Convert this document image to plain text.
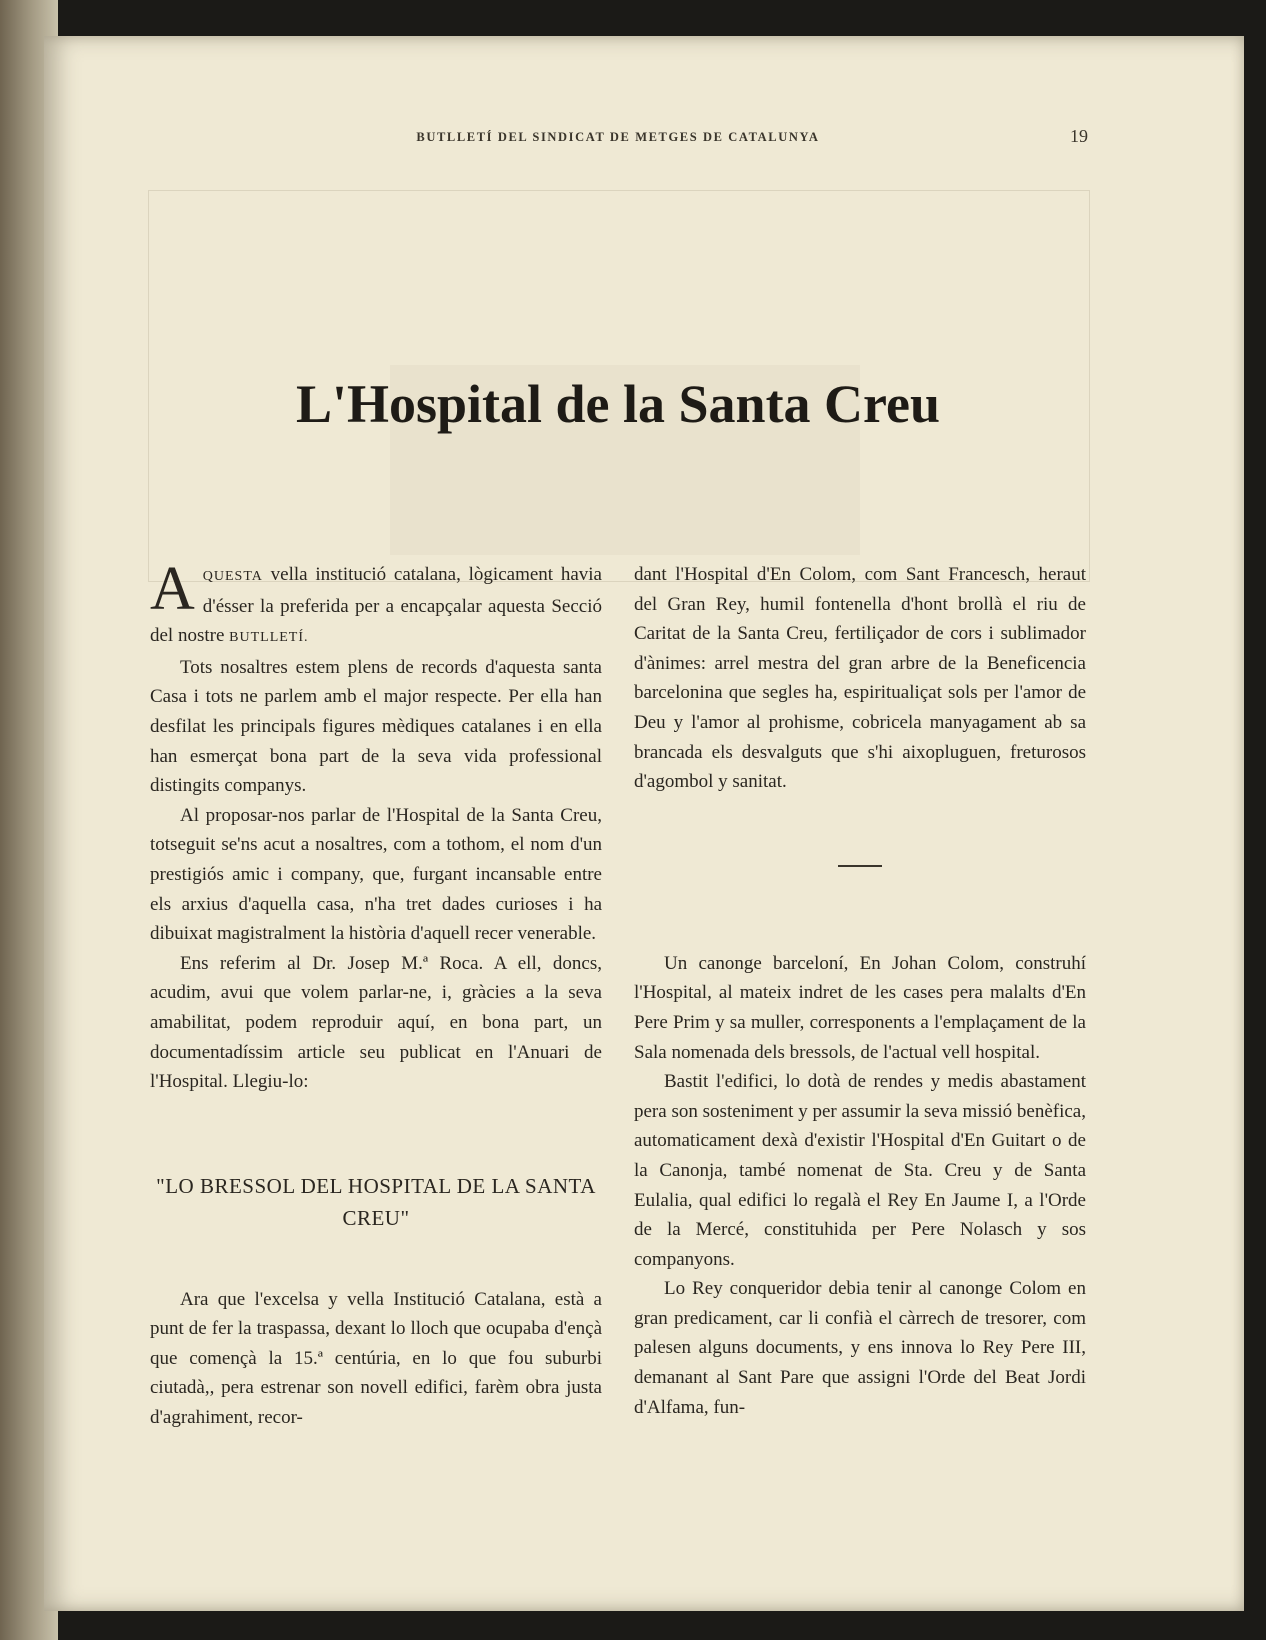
BUTLLETÍ DEL SINDICAT DE METGES DE CATALUNYA	19
L'Hospital de la Santa Creu

AQUESTA vella institució catalana, lògicament havia d'ésser la preferida per a encapçalar aquesta Secció del nostre BUTLLETÍ.

Tots nosaltres estem plens de records d'aquesta santa Casa i tots ne parlem amb el major respecte. Per ella han desfilat les principals figures mèdiques catalanes i en ella han esmerçat bona part de la seva vida professional distingits companys.

Al proposar-nos parlar de l'Hospital de la Santa Creu, totseguit se'ns acut a nosaltres, com a tothom, el nom d'un prestigiós amic i company, que, furgant incansable entre els arxius d'aquella casa, n'ha tret dades curioses i ha dibuixat magistralment la història d'aquell recer venerable.

Ens referim al Dr. Josep M.ª Roca. A ell, doncs, acudim, avui que volem parlar-ne, i, gràcies a la seva amabilitat, podem reproduir aquí, en bona part, un documentadíssim article seu publicat en l'Anuari de l'Hospital. Llegiu-lo:

"LO BRESSOL DEL HOSPITAL DE LA SANTA CREU"

Ara que l'excelsa y vella Institució Catalana, està a punt de fer la traspassa, dexant lo lloch que ocupaba d'ençà que començà la 15.ª centúria, en lo que fou suburbi ciutadà,, pera estrenar son novell edifici, farèm obra justa d'agrahiment, recor-

dant l'Hospital d'En Colom, com Sant Francesch, heraut del Gran Rey, humil fontenella d'hont brollà el riu de Caritat de la Santa Creu, fertiliçador de cors i sublimador d'ànimes: arrel mestra del gran arbre de la Beneficencia barcelonina que segles ha, espiritualiçat sols per l'amor de Deu y l'amor al prohisme, cobricela manyagament ab sa brancada els desvalguts que s'hi aixopluguen, freturosos d'agombol y sanitat.

Un canonge barceloní, En Johan Colom, construhí l'Hospital, al mateix indret de les cases pera malalts d'En Pere Prim y sa muller, corresponents a l'emplaçament de la Sala nomenada dels bressols, de l'actual vell hospital.

Bastit l'edifici, lo dotà de rendes y medis abastament pera son sosteniment y per assumir la seva missió benèfica, automaticament dexà d'existir l'Hospital d'En Guitart o de la Canonja, també nomenat de Sta. Creu y de Santa Eulalia, qual edifici lo regalà el Rey En Jaume I, a l'Orde de la Mercé, constituhida per Pere Nolasch y sos companyons.

Lo Rey conqueridor debia tenir al canonge Colom en gran predicament, car li confià el càrrech de tresorer, com palesen alguns documents, y ens innova lo Rey Pere III, demanant al Sant Pare que assigni l'Orde del Beat Jordi d'Alfama, fun-
